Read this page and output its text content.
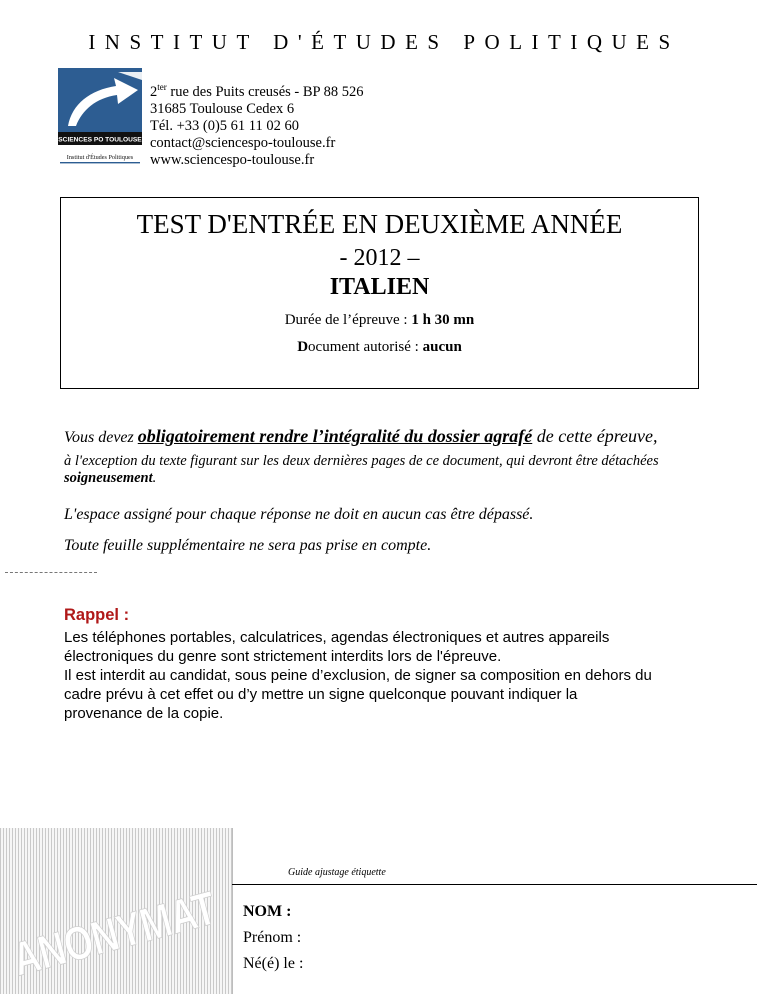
INSTITUT D'ÉTUDES POLITIQUES
SCIENCES PO TOULOUSE
Institut d'Études Politiques
$2^{ter}$ rue des Puits creusés - BP 88 526
31685 Toulouse Cedex 6
Tél. +33 (0)5 61 11 02 60
contact@sciencespo-toulouse.fr
www.sciencespo-toulouse.fr
TEST D'ENTRÉE EN DEUXIÈME ANNÉE
- 2012 –
ITALIEN
Durée de l’épreuve : 1 h 30 mn
Document autorisé : aucun
Vous devez obligatoirement rendre l’intégralité du dossier agrafé de cette épreuve,
à l'exception du texte figurant sur les deux dernières pages de ce document, qui devront être détachées soigneusement.
L'espace assigné pour chaque réponse ne doit en aucun cas être dépassé.
Toute feuille supplémentaire ne sera pas prise en compte.
Rappel :
Les téléphones portables, calculatrices, agendas électroniques et autres appareils
électroniques du genre sont strictement interdits lors de l'épreuve.
Il est interdit au candidat, sous peine d’exclusion, de signer sa composition en dehors du
cadre prévu à cet effet ou d’y mettre un signe quelconque pouvant indiquer la
provenance de la copie.
ANONYMAT Guide ajustage étiquette
NOM :
Prénom :
Né(é) le :
